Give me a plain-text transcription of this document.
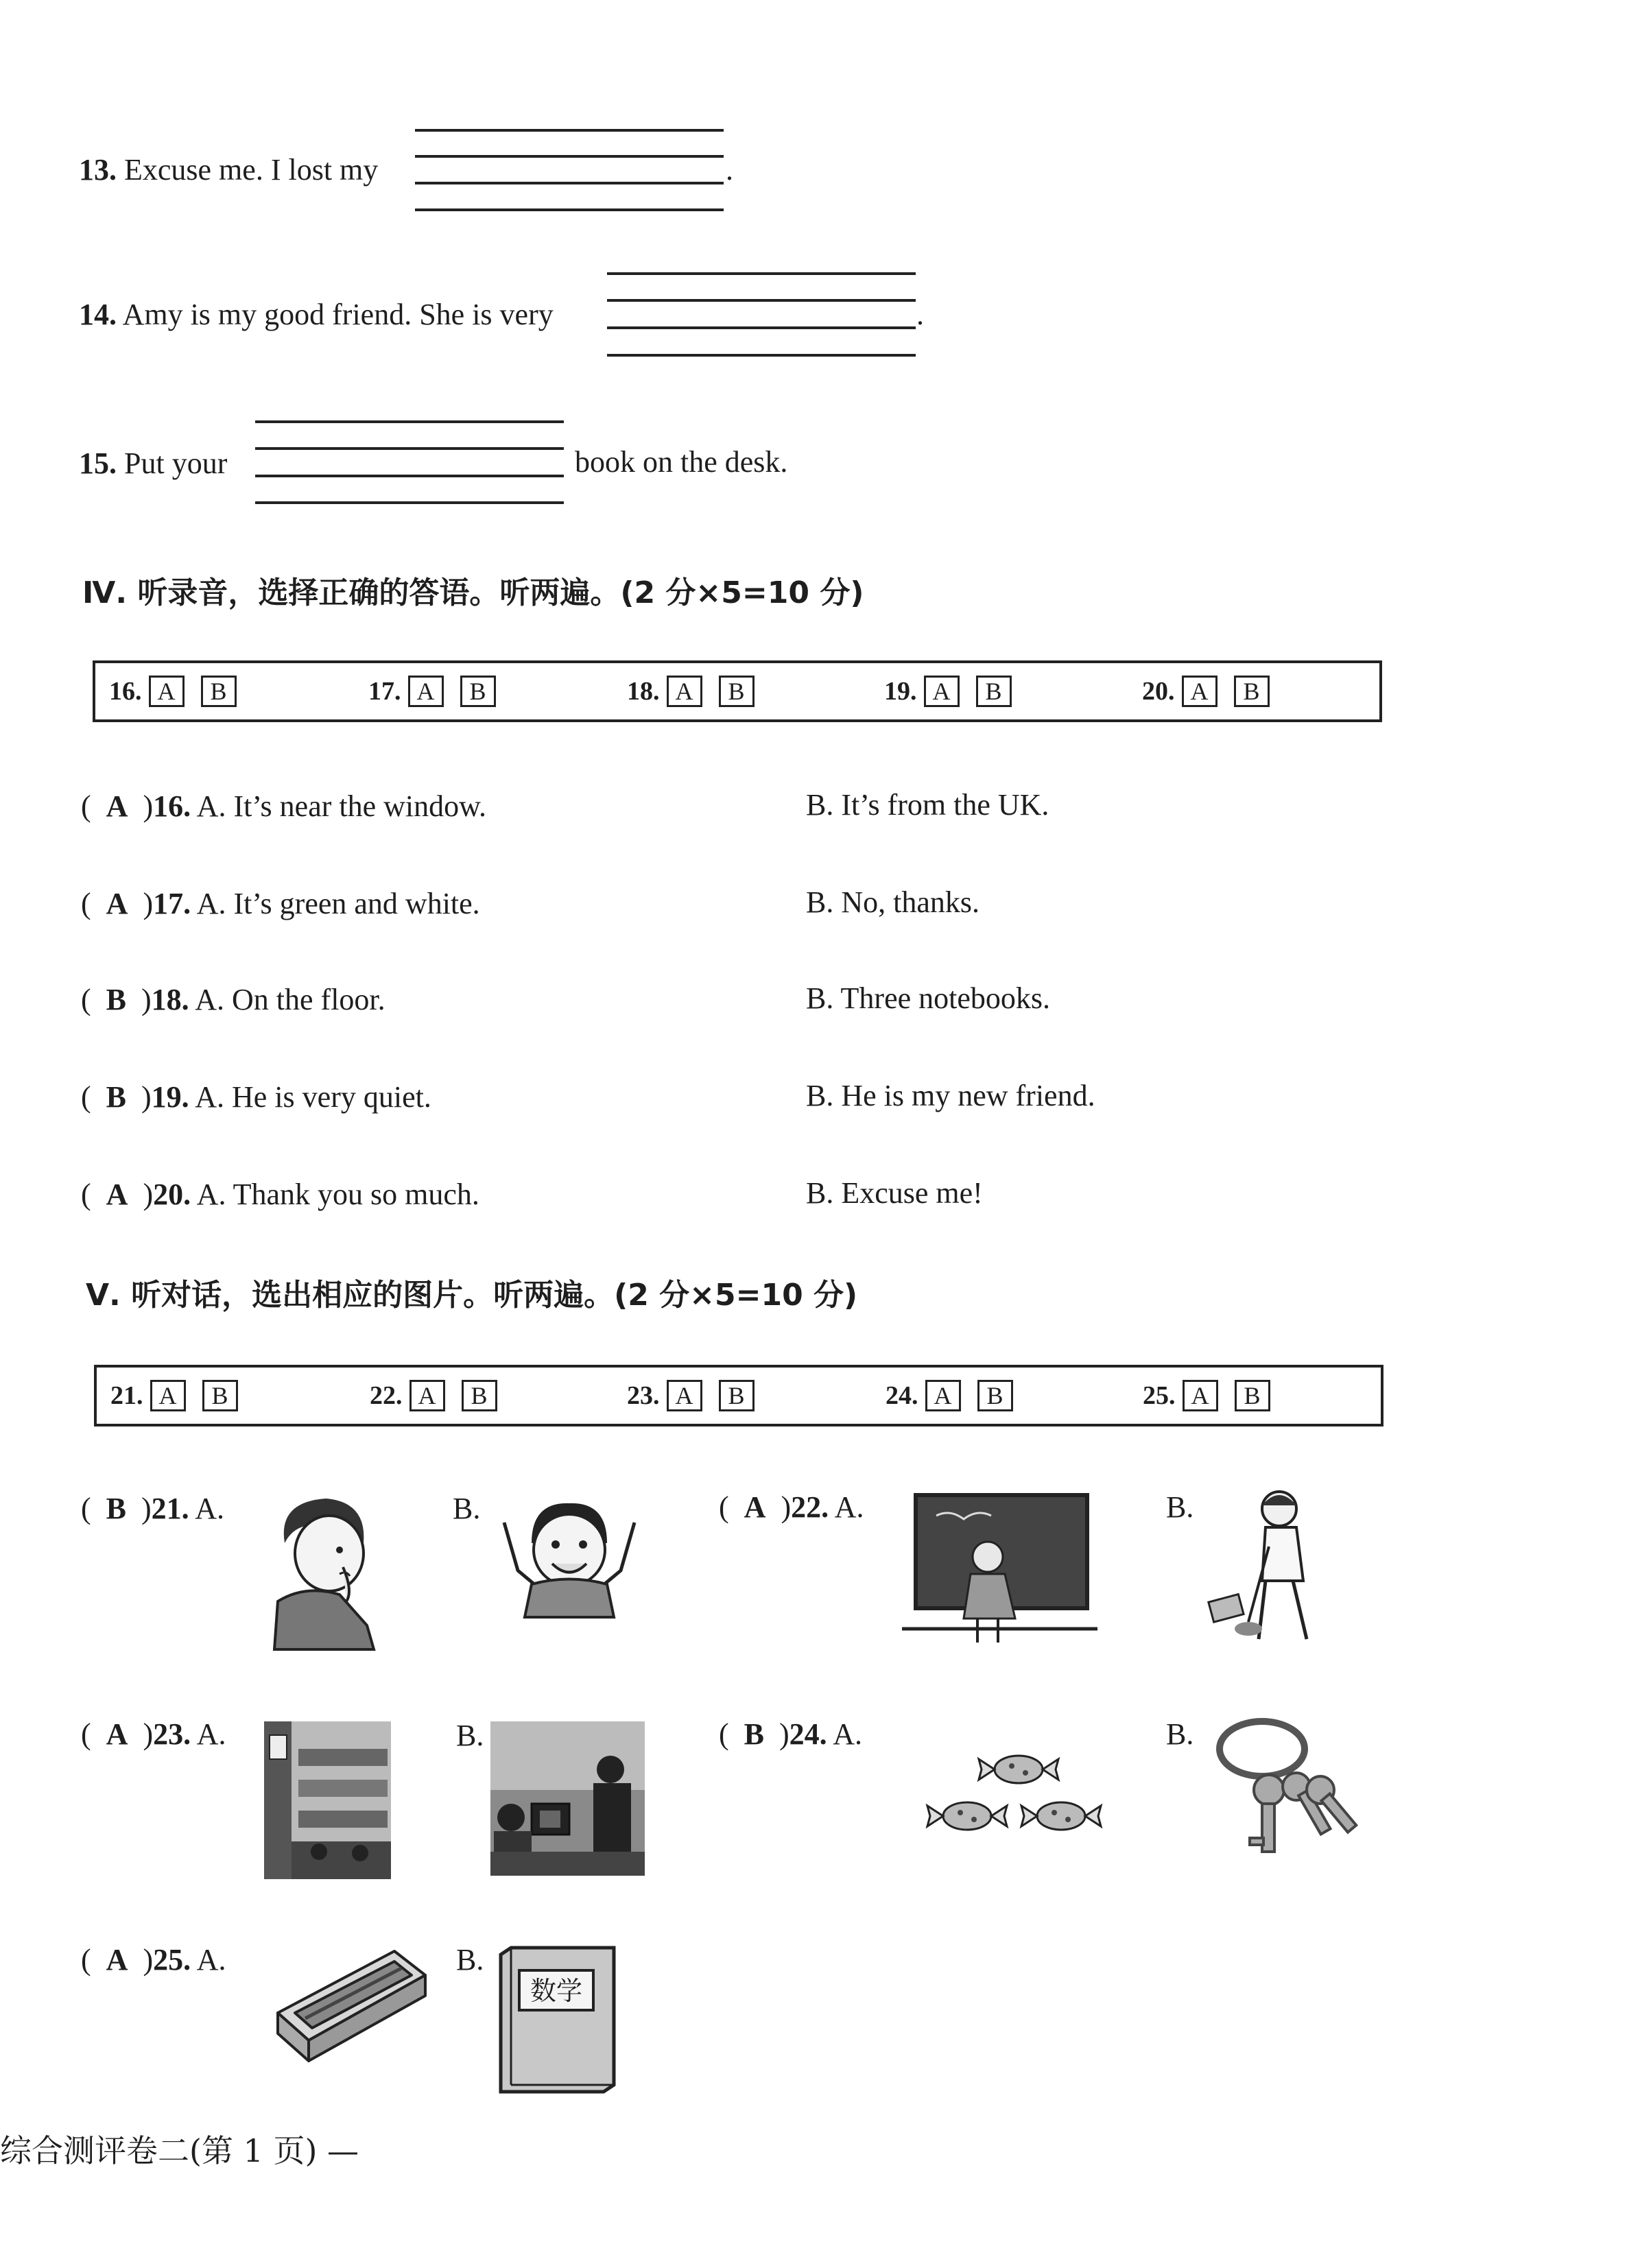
13. Excuse me. I lost my	.
14. Amy is my good friend. She is very	.
15. Put your	book on the desk.
Ⅳ. 听录音，选择正确的答语。听两遍。(2 分×5=10 分)
16. A	B	17. A	B	18. A	B	19. A	B	20. A	B
(  A  )16. A. It’s near the window.	B. It’s from the UK.
(  A  )17. A. It’s green and white.	B. No, thanks.
(  B  )18. A. On the floor.	B. Three notebooks.
(  B  )19. A. He is very quiet.	B. He is my new friend.
(  A  )20. A. Thank you so much.	B. Excuse me!
Ⅴ. 听对话，选出相应的图片。听两遍。(2 分×5=10 分)
21. A	B	22. A	B	23. A	B	24. A	B	25. A	B
(  B  )21. A.	B.	(  A  )22. A.	B.
(  A  )23. A.	B.	(  B  )24. A.	B.
(  A  )25. A.	B.
数学
综合测评卷二(第 1 页) —
